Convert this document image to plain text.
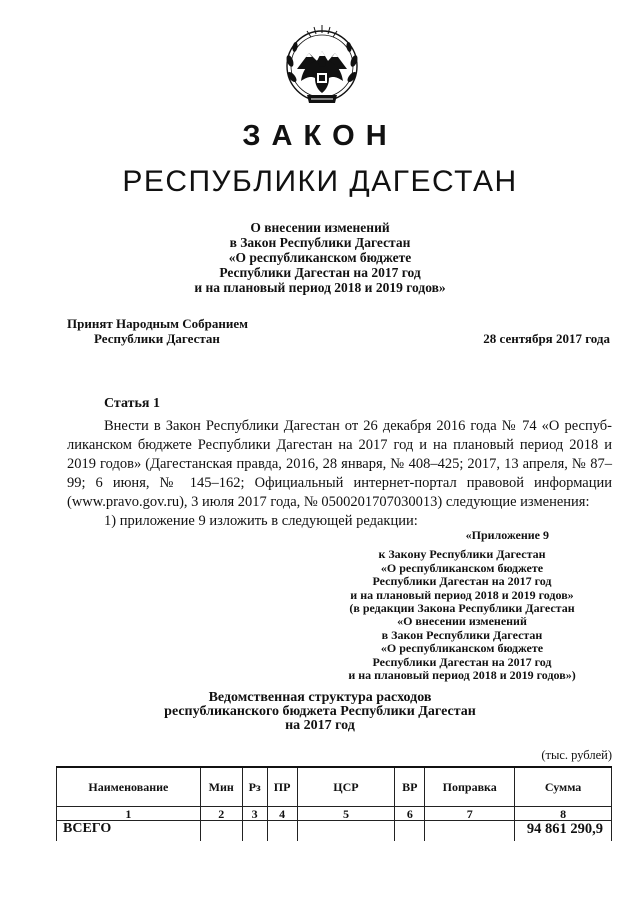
ЗАКОН
РЕСПУБЛИКИ ДАГЕСТАН
О внесении изменений
в Закон Республики Дагестан
«О республиканском бюджете
Республики Дагестан на 2017 год
и на плановый период 2018 и 2019 годов»
Принят Народным Собранием
Республики Дагестан	28 сентября 2017 года
Статья 1

Внести в Закон Республики Дагестан от 26 декабря 2016 года № 74 «О респуб-ликанском бюджете Республики Дагестан на 2017 год и на плановый период 2018 и 2019 годов» (Дагестанская правда, 2016, 28 января, № 408–425; 2017, 13 апреля, № 87–99; 6 июня, № 145–162; Официальный интернет-портал правовой информации (www.pravo.gov.ru), 3 июля 2017 года, № 0500201707030013) следующие изменения:

1) приложение 9 изложить в следующей редакции:

«Приложение 9
к Закону Республики Дагестан
«О республиканском бюджете
Республики Дагестан на 2017 год
и на плановый период 2018 и 2019 годов»
(в редакции Закона Республики Дагестан
«О внесении изменений
в Закон Республики Дагестан
«О республиканском бюджете
Республики Дагестан на 2017 год
и на плановый период 2018 и 2019 годов»)
Ведомственная структура расходов
республиканского бюджета Республики Дагестан
на 2017 год
(тыс. рублей)
Наименование	Мин	Рз	ПР	ЦСР	ВР	Поправка	Сумма
1	2	3	4	5	6	7	8
ВСЕГО							94 861 290,9
